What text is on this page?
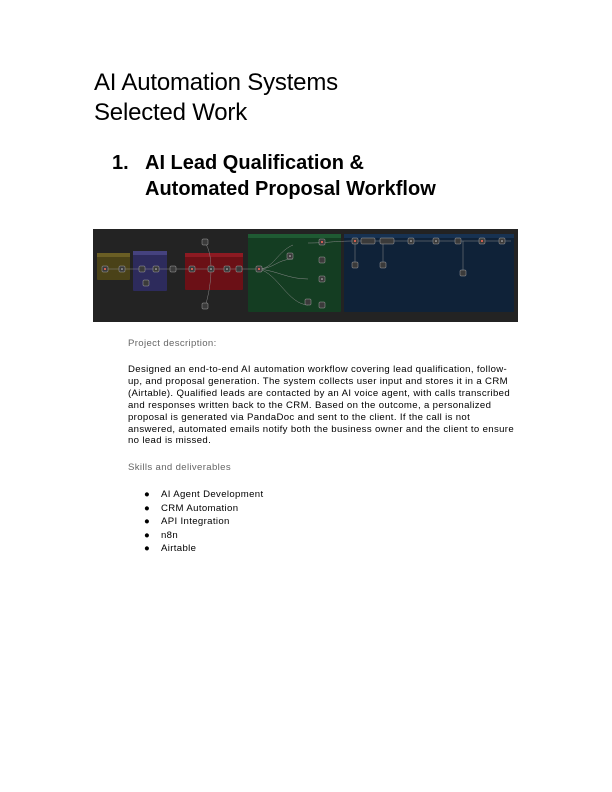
AI Automation Systems
Selected Work
1. AI Lead Qualification &
Automated Proposal Workflow

Project description:

Designed an end-to-end AI automation workflow covering lead qualification, follow-up, and proposal generation. The system collects user input and stores it in a CRM (Airtable). Qualified leads are contacted by an AI voice agent, with calls transcribed and responses written back to the CRM. Based on the outcome, a personalized proposal is generated via PandaDoc and sent to the client. If the call is not answered, automated emails notify both the business owner and the client to ensure no lead is missed.

Skills and deliverables

● AI Agent Development
● CRM Automation
● API Integration
● n8n
● Airtable
